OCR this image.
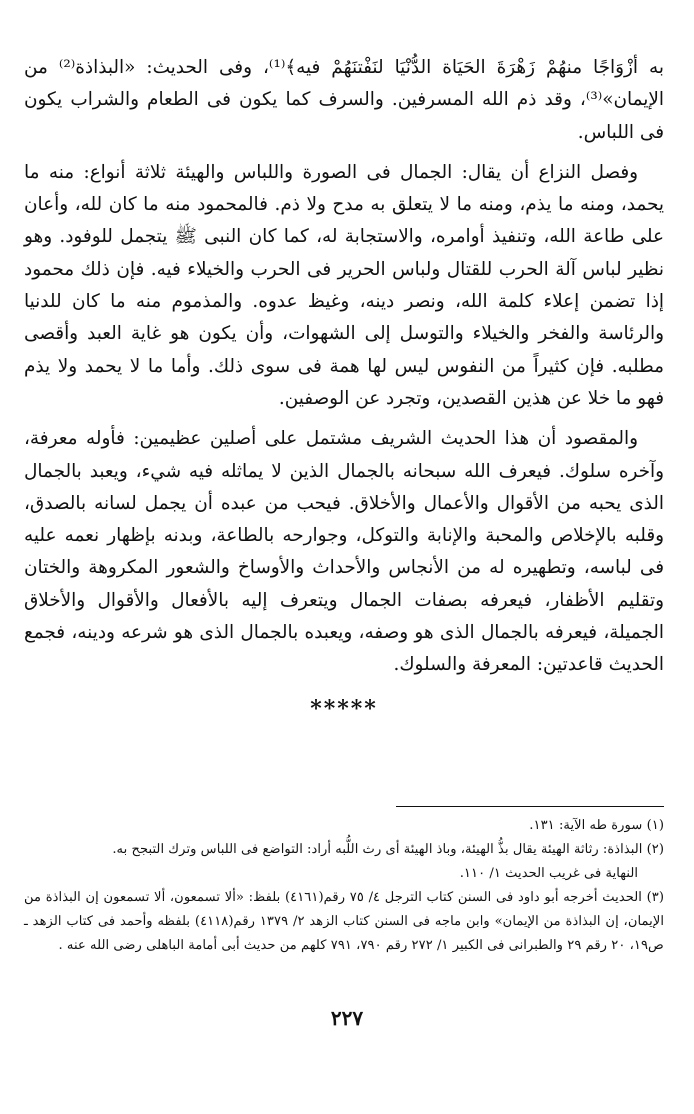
به أزْوَاجًا منهُمْ زَهْرَةَ الحَيَاة الدُّنْيَا لنَفْتنَهُمْ فيه﴾⁽¹⁾، وفى الحديث: «البذاذة⁽²⁾ من الإيمان»⁽³⁾، وقد ذم الله المسرفين. والسرف كما يكون فى الطعام والشراب يكون فى اللباس.

وفصل النزاع أن يقال: الجمال فى الصورة واللباس والهيئة ثلاثة أنواع: منه ما يحمد، ومنه ما يذم، ومنه ما لا يتعلق به مدح ولا ذم. فالمحمود منه ما كان لله، وأعان على طاعة الله، وتنفيذ أوامره، والاستجابة له، كما كان النبى ﷺ يتجمل للوفود. وهو نظير لباس آلة الحرب للقتال ولباس الحرير فى الحرب والخيلاء فيه. فإن ذلك محمود إذا تضمن إعلاء كلمة الله، ونصر دينه، وغيظ عدوه. والمذموم منه ما كان للدنيا والرئاسة والفخر والخيلاء والتوسل إلى الشهوات، وأن يكون هو غاية العبد وأقصى مطلبه. فإن كثيراً من النفوس ليس لها همة فى سوى ذلك. وأما ما لا يحمد ولا يذم فهو ما خلا عن هذين القصدين، وتجرد عن الوصفين.

والمقصود أن هذا الحديث الشريف مشتمل على أصلين عظيمين: فأوله معرفة، وآخره سلوك. فيعرف الله سبحانه بالجمال الذين لا يماثله فيه شيء، ويعبد بالجمال الذى يحبه من الأقوال والأعمال والأخلاق. فيحب من عبده أن يجمل لسانه بالصدق، وقلبه بالإخلاص والمحبة والإنابة والتوكل، وجوارحه بالطاعة، وبدنه بإظهار نعمه عليه فى لباسه، وتطهيره له من الأنجاس والأحداث والأوساخ والشعور المكروهة والختان وتقليم الأظفار، فيعرفه بصفات الجمال ويتعرف إليه بالأفعال والأقوال والأخلاق الجميلة، فيعرفه بالجمال الذى هو وصفه، ويعبده بالجمال الذى هو شرعه ودينه، فجمع الحديث قاعدتين: المعرفة والسلوك.

*****

(١) سورة طه الآية: ١٣١.

(٢) البذاذة: رثاثة الهيئة يقال بذُّ الهيئة، وباذ الهيئة أى رث اللُّبه أراد: التواضع فى اللباس وترك التبجح به.

النهاية فى غريب الحديث ١/ ١١٠.

(٣) الحديث أخرجه أبو داود فى السنن كتاب الترجل ٤/ ٧٥ رقم(٤١٦١) بلفظ: «ألا تسمعون، ألا تسمعون إن البذاذة من الإيمان، إن البذاذة من الإيمان» وابن ماجه فى السنن كتاب الزهد ٢/ ١٣٧٩ رقم(٤١١٨) بلفظه وأحمد فى كتاب الزهد ـ ص١٩، ٢٠ رقم ٢٩ والطبرانى فى الكبير ١/ ٢٧٢ رقم ٧٩٠، ٧٩١ كلهم من حديث أبى أمامة الباهلى رضى الله عنه .

٢٢٧
